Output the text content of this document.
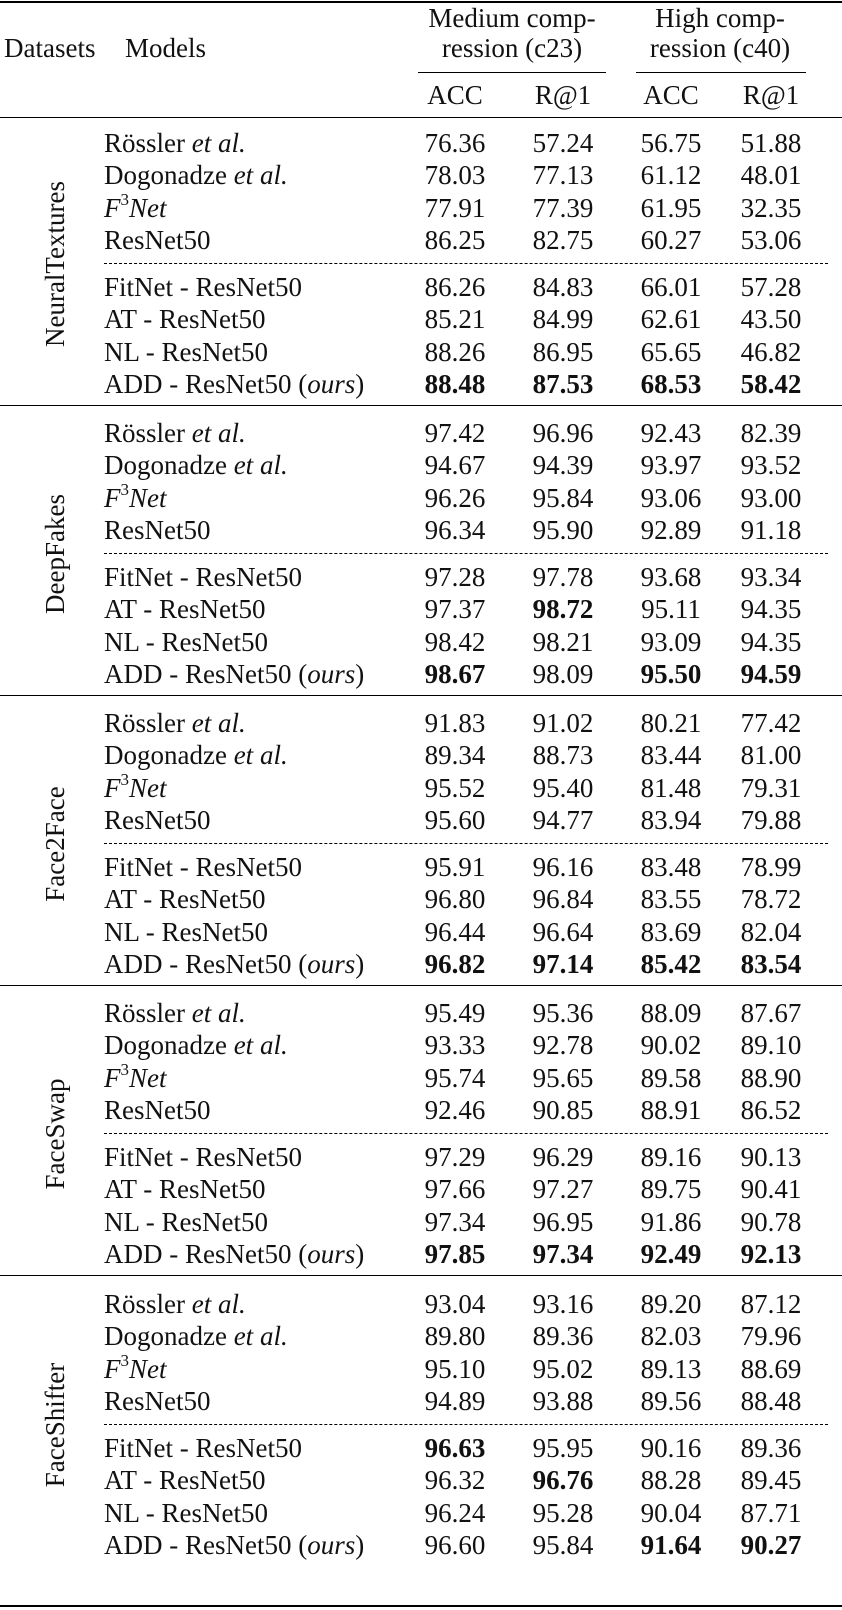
Datasets Models
Medium comp-
ression (c23)
High comp-
ression (c40)
ACC	R@1	ACC	R@1
NeuralTextures
Rössler et al.	76.36	57.24	56.75	51.88
Dogonadze et al.	78.03	77.13	61.12	48.01
$F^3Net$	77.91	77.39	61.95	32.35
ResNet50	86.25	82.75	60.27	53.06
FitNet - ResNet50	86.26	84.83	66.01	57.28
AT - ResNet50	85.21	84.99	62.61	43.50
NL - ResNet50	88.26	86.95	65.65	46.82
ADD - ResNet50 (ours)	88.48	87.53	68.53	58.42
DeepFakes
Rössler et al.	97.42	96.96	92.43	82.39
Dogonadze et al.	94.67	94.39	93.97	93.52
$F^3Net$	96.26	95.84	93.06	93.00
ResNet50	96.34	95.90	92.89	91.18
FitNet - ResNet50	97.28	97.78	93.68	93.34
AT - ResNet50	97.37	98.72	95.11	94.35
NL - ResNet50	98.42	98.21	93.09	94.35
ADD - ResNet50 (ours)	98.67	98.09	95.50	94.59
Face2Face
Rössler et al.	91.83	91.02	80.21	77.42
Dogonadze et al.	89.34	88.73	83.44	81.00
$F^3Net$	95.52	95.40	81.48	79.31
ResNet50	95.60	94.77	83.94	79.88
FitNet - ResNet50	95.91	96.16	83.48	78.99
AT - ResNet50	96.80	96.84	83.55	78.72
NL - ResNet50	96.44	96.64	83.69	82.04
ADD - ResNet50 (ours)	96.82	97.14	85.42	83.54
FaceSwap
Rössler et al.	95.49	95.36	88.09	87.67
Dogonadze et al.	93.33	92.78	90.02	89.10
$F^3Net$	95.74	95.65	89.58	88.90
ResNet50	92.46	90.85	88.91	86.52
FitNet - ResNet50	97.29	96.29	89.16	90.13
AT - ResNet50	97.66	97.27	89.75	90.41
NL - ResNet50	97.34	96.95	91.86	90.78
ADD - ResNet50 (ours)	97.85	97.34	92.49	92.13
FaceShifter
Rössler et al.	93.04	93.16	89.20	87.12
Dogonadze et al.	89.80	89.36	82.03	79.96
$F^3Net$	95.10	95.02	89.13	88.69
ResNet50	94.89	93.88	89.56	88.48
FitNet - ResNet50	96.63	95.95	90.16	89.36
AT - ResNet50	96.32	96.76	88.28	89.45
NL - ResNet50	96.24	95.28	90.04	87.71
ADD - ResNet50 (ours)	96.60	95.84	91.64	90.27
